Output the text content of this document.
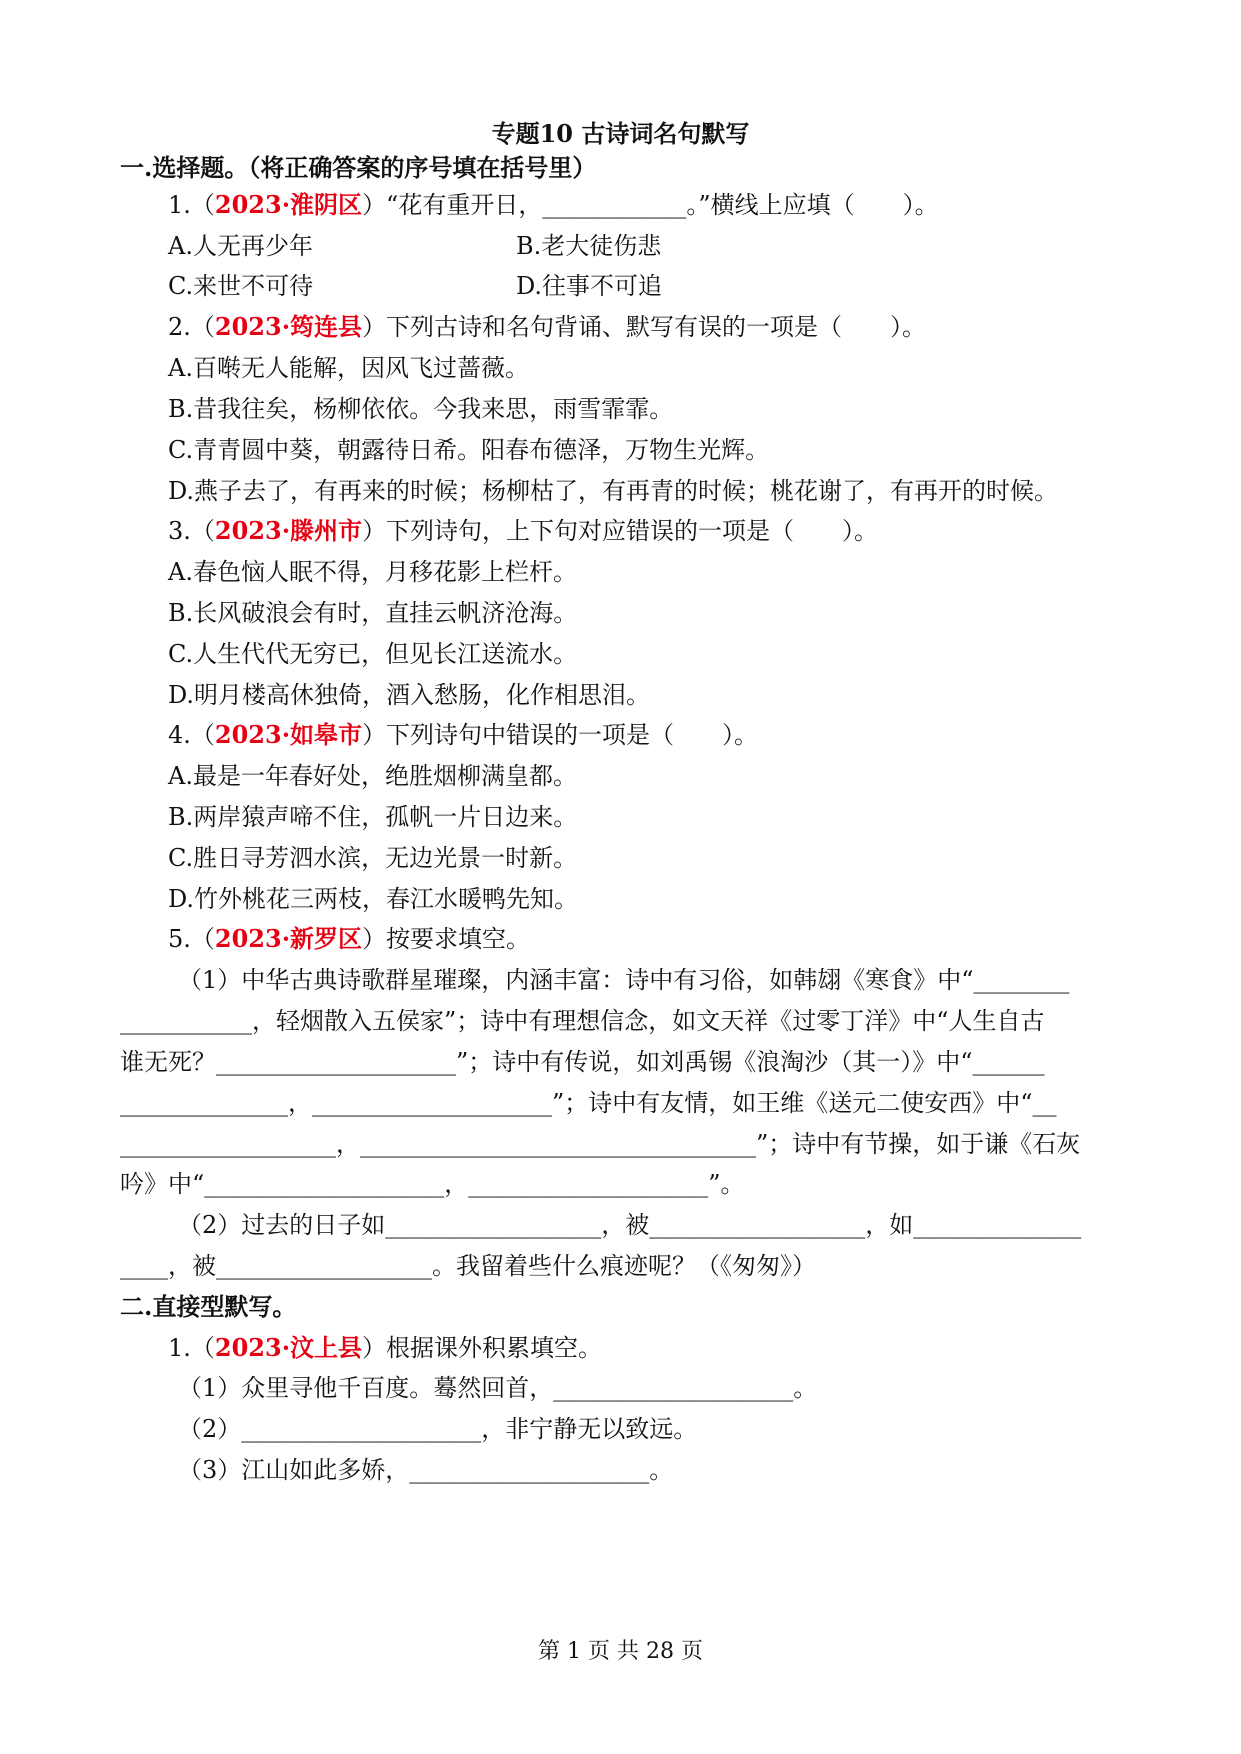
专题10 古诗词名句默写
一.选择题。（将正确答案的序号填在括号里）
1.（2023·淮阴区）“花有重开日，____________。”横线上应填（　　）。
A.人无再少年	B.老大徒伤悲
C.来世不可待	D.往事不可追
2.（2023·筠连县）下列古诗和名句背诵、默写有误的一项是（　　）。
A.百啭无人能解，因风飞过蔷薇。
B.昔我往矣，杨柳依依。今我来思，雨雪霏霏。
C.青青圆中葵，朝露待日希。阳春布德泽，万物生光辉。
D.燕子去了，有再来的时候；杨柳枯了，有再青的时候；桃花谢了，有再开的时候。
3.（2023·滕州市）下列诗句，上下句对应错误的一项是（　　）。
A.春色恼人眠不得，月移花影上栏杆。
B.长风破浪会有时，直挂云帆济沧海。
C.人生代代无穷已，但见长江送流水。
D.明月楼高休独倚，酒入愁肠，化作相思泪。
4.（2023·如皋市）下列诗句中错误的一项是（　　）。
A.最是一年春好处，绝胜烟柳满皇都。
B.两岸猿声啼不住，孤帆一片日边来。
C.胜日寻芳泗水滨，无边光景一时新。
D.竹外桃花三两枝，春江水暖鸭先知。
5.（2023·新罗区）按要求填空。
（1）中华古典诗歌群星璀璨，内涵丰富：诗中有习俗，如韩翃《寒食》中“________
___________，轻烟散入五侯家”；诗中有理想信念，如文天祥《过零丁洋》中“人生自古
谁无死？____________________”；诗中有传说，如刘禹锡《浪淘沙（其一）》中“______
______________，____________________”；诗中有友情，如王维《送元二使安西》中“__
__________________，_________________________________”；诗中有节操，如于谦《石灰
吟》中“____________________，____________________”。
（2）过去的日子如__________________，被__________________，如______________
____，被__________________。我留着些什么痕迹呢？（《匆匆》）
二.直接型默写。
1.（2023·汶上县）根据课外积累填空。
（1）众里寻他千百度。蓦然回首，____________________。
（2）____________________，非宁静无以致远。
（3）江山如此多娇，____________________。
第 1 页 共 28 页
